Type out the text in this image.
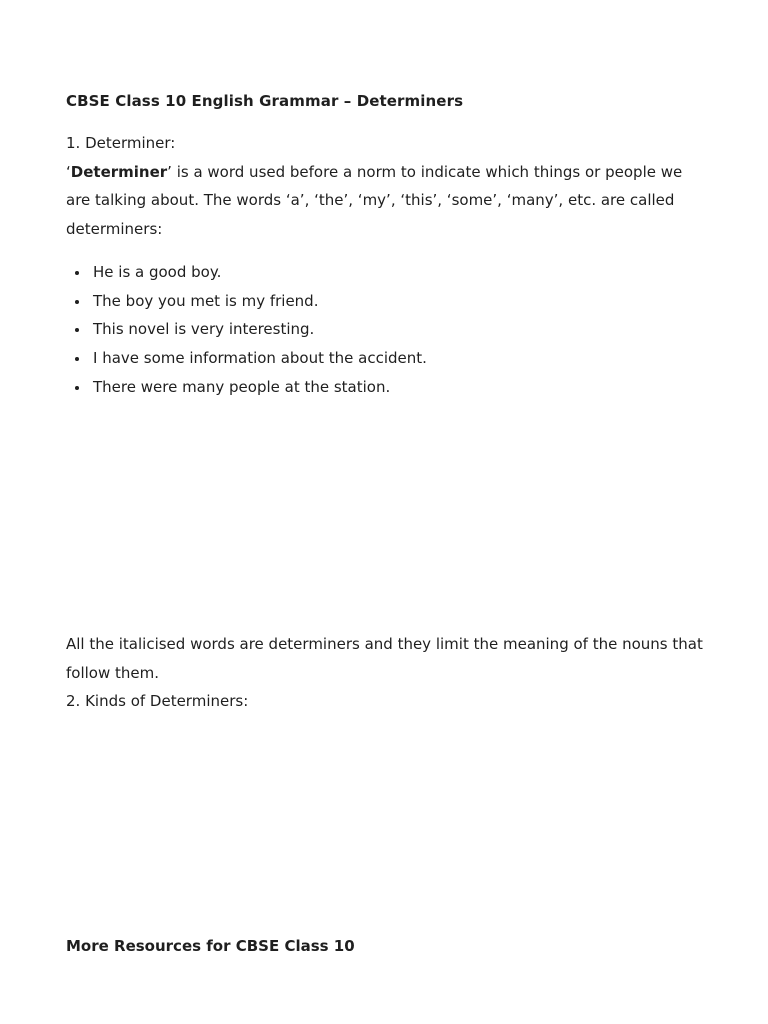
CBSE Class 10 English Grammar – Determiners

1. Determiner:

‘Determiner’ is a word used before a norm to indicate which things or people we are talking about. The words ‘a’, ‘the’, ‘my’, ‘this’, ‘some’, ‘many’, etc. are called determiners:

He is a good boy.
The boy you met is my friend.
This novel is very interesting.
I have some information about the accident.
There were many people at the station.

All the italicised words are determiners and they limit the meaning of the nouns that follow them.

2. Kinds of Determiners:

More Resources for CBSE Class 10
